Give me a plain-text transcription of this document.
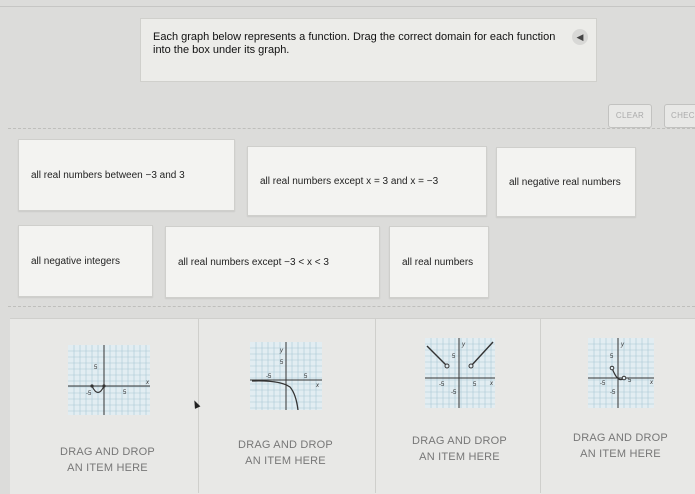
Each graph below represents a function. Drag the correct domain for each function into the box under its graph.

◀
CLEAR	CHEC
all real numbers between −3 and 3
all real numbers except x = 3 and x = −3	all negative real numbers
all negative integers	all real numbers except −3 < x < 3	all real numbers
5
-5	5
x
y
5
-5	5
x
y
5
-5	5
-5
x
y
5
-5	5
-5
x
DRAG AND DROP
AN ITEM HERE
DRAG AND DROP
AN ITEM HERE
DRAG AND DROP
AN ITEM HERE
DRAG AND DROP
AN ITEM HERE
